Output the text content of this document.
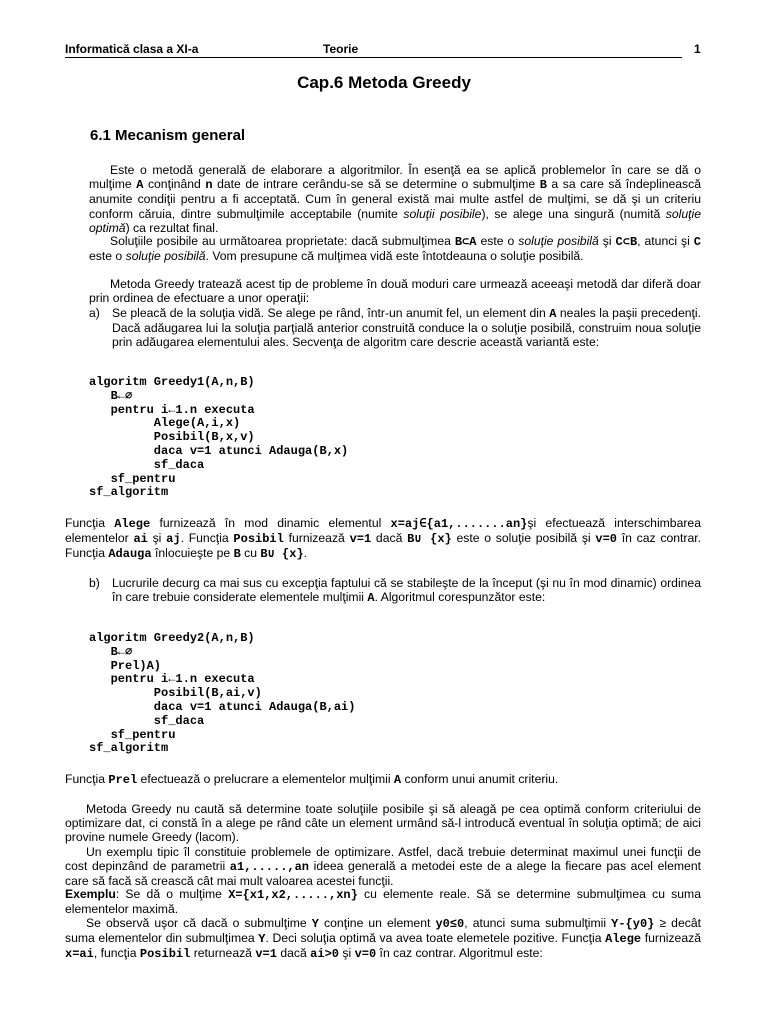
Informatică clasa a XI-a	Teorie	1
Cap.6 Metoda Greedy
6.1 Mecanism general
Este o metodă generală de elaborare a algoritmilor. În esenţă ea se aplică problemelor în care se dă o mulţime A conţinând n date de intrare cerându-se să se determine o submulţime B a sa care să îndeplinească anumite condiţii pentru a fi acceptată. Cum în general există mai multe astfel de mulţimi, se dă şi un criteriu conform căruia, dintre submulţimile acceptabile (numite soluţii posibile), se alege una singură (numită soluţie optimă) ca rezultat final.
Soluţiile posibile au următoarea proprietate: dacă submulţimea B⊂A este o soluţie posibilă şi C⊂B, atunci şi C este o soluţie posibilă. Vom presupune că mulţimea vidă este întotdeauna o soluţie posibilă.
Metoda Greedy tratează acest tip de probleme în două moduri care urmează aceeaşi metodă dar diferă doar prin ordinea de efectuare a unor operaţii:
a) Se pleacă de la soluţia vidă. Se alege pe rând, într-un anumit fel, un element din A neales la paşii precedenţi. Dacă adăugarea lui la soluţia parţială anterior construită conduce la o soluţie posibilă, construim noua soluţie prin adăugarea elementului ales. Secvenţa de algoritm care descrie această variantă este:
algoritm Greedy1(A,n,B)
B←∅
pentru i←1.n executa
Alege(A,i,x)
Posibil(B,x,v)
daca v=1 atunci Adauga(B,x)
sf_daca
sf_pentru
sf_algoritm
Funcţia Alege furnizează în mod dinamic elementul x=aj∈{a1,.......an}şi efectuează interschimbarea elementelor ai şi aj. Funcţia Posibil furnizează v=1 dacă B∪ {x} este o soluţie posibilă şi v=0 în caz contrar. Funcţia Adauga înlocuieşte pe B cu B∪ {x}.
b) Lucrurile decurg ca mai sus cu excepţia faptului că se stabileşte de la început (şi nu în mod dinamic) ordinea în care trebuie considerate elementele mulţimii A. Algoritmul corespunzător este:
algoritm Greedy2(A,n,B)
B←∅
Prel)A)
pentru i←1.n executa
Posibil(B,ai,v)
daca v=1 atunci Adauga(B,ai)
sf_daca
sf_pentru
sf_algoritm
Funcţia Prel efectuează o prelucrare a elementelor mulţimii A conform unui anumit criteriu.
Metoda Greedy nu caută să determine toate soluţiile posibile şi să aleagă pe cea optimă conform criteriului de optimizare dat, ci constă în a alege pe rând câte un element urmând să-l introducă eventual în soluţia optimă; de aici provine numele Greedy (lacom).
Un exemplu tipic îl constituie problemele de optimizare. Astfel, dacă trebuie determinat maximul unei funcţii de cost depinzând de parametrii a1,.....,an ideea generală a metodei este de a alege la fiecare pas acel element care să facă să crească cât mai mult valoarea acestei funcţii.
Exemplu: Se dă o mulţime X={x1,x2,.....,xn} cu elemente reale. Să se determine submulţimea cu suma elementelor maximă.
Se observă uşor că dacă o submulţime Y conţine un element y0≤0, atunci suma submulţimii Y-{y0} ≥ decât suma elementelor din submulţimea Y. Deci soluţia optimă va avea toate elemetele pozitive. Funcţia Alege furnizează x=ai, funcţia Posibil returnează v=1 dacă ai>0 şi v=0 în caz contrar. Algoritmul este:
